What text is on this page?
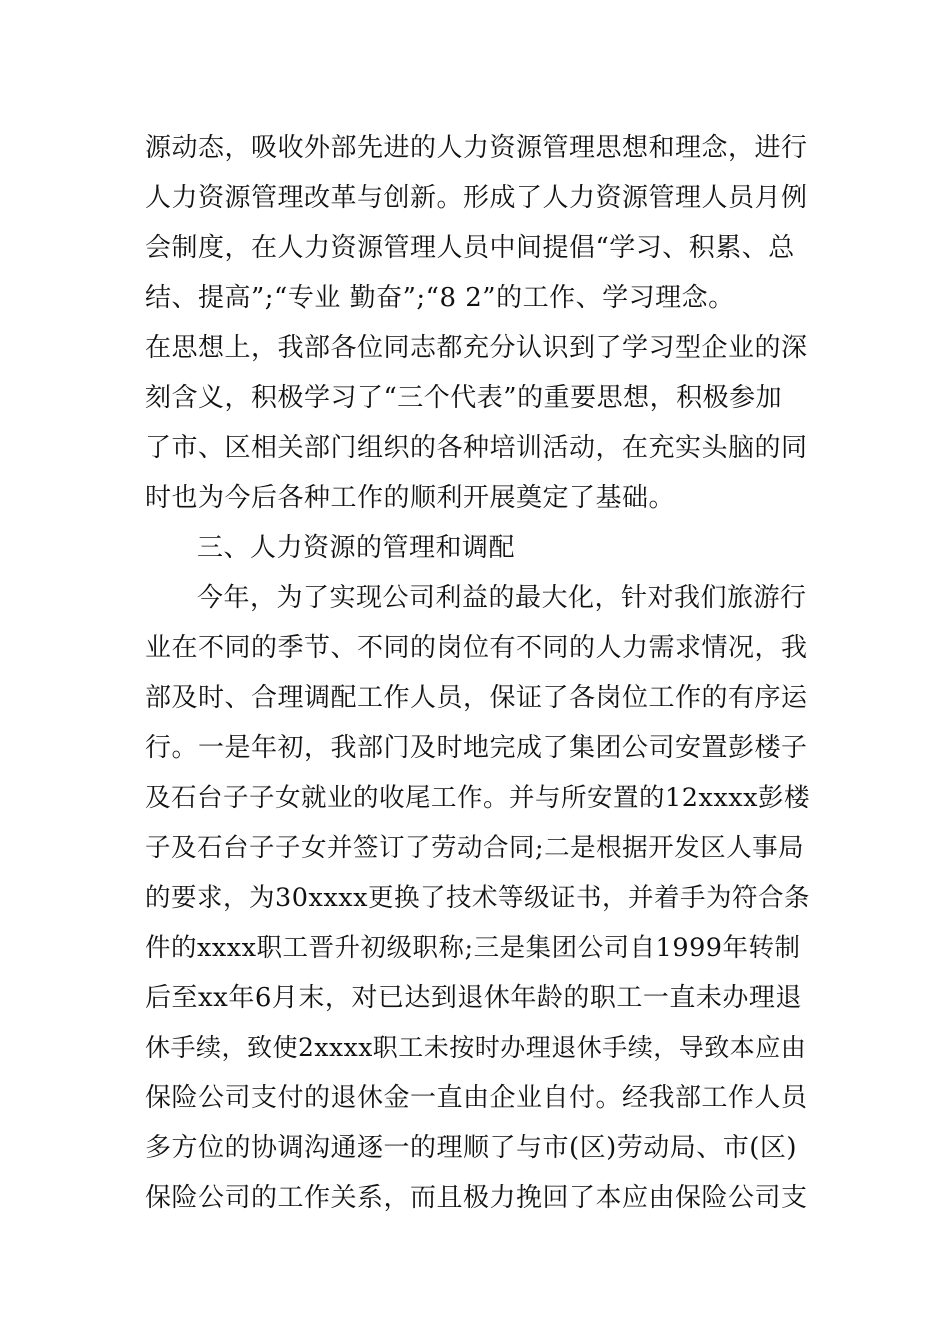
源动态，吸收外部先进的人力资源管理思想和理念，进行
人力资源管理改革与创新。形成了人力资源管理人员月例
会制度，在人力资源管理人员中间提倡“学习、积累、总
结、提高”;“专业 勤奋”;“8 2”的工作、学习理念。
在思想上，我部各位同志都充分认识到了学习型企业的深
刻含义，积极学习了“三个代表”的重要思想，积极参加
了市、区相关部门组织的各种培训活动，在充实头脑的同
时也为今后各种工作的顺利开展奠定了基础。
三、人力资源的管理和调配
今年，为了实现公司利益的最大化，针对我们旅游行
业在不同的季节、不同的岗位有不同的人力需求情况，我
部及时、合理调配工作人员，保证了各岗位工作的有序运
行。一是年初，我部门及时地完成了集团公司安置彭楼子
及石台子子女就业的收尾工作。并与所安置的12xxxx彭楼
子及石台子子女并签订了劳动合同;二是根据开发区人事局
的要求，为30xxxx更换了技术等级证书，并着手为符合条
件的xxxx职工晋升初级职称;三是集团公司自1999年转制
后至xx年6月末，对已达到退休年龄的职工一直未办理退
休手续，致使2xxxx职工未按时办理退休手续，导致本应由
保险公司支付的退休金一直由企业自付。经我部工作人员
多方位的协调沟通逐一的理顺了与市(区)劳动局、市(区)
保险公司的工作关系，而且极力挽回了本应由保险公司支
